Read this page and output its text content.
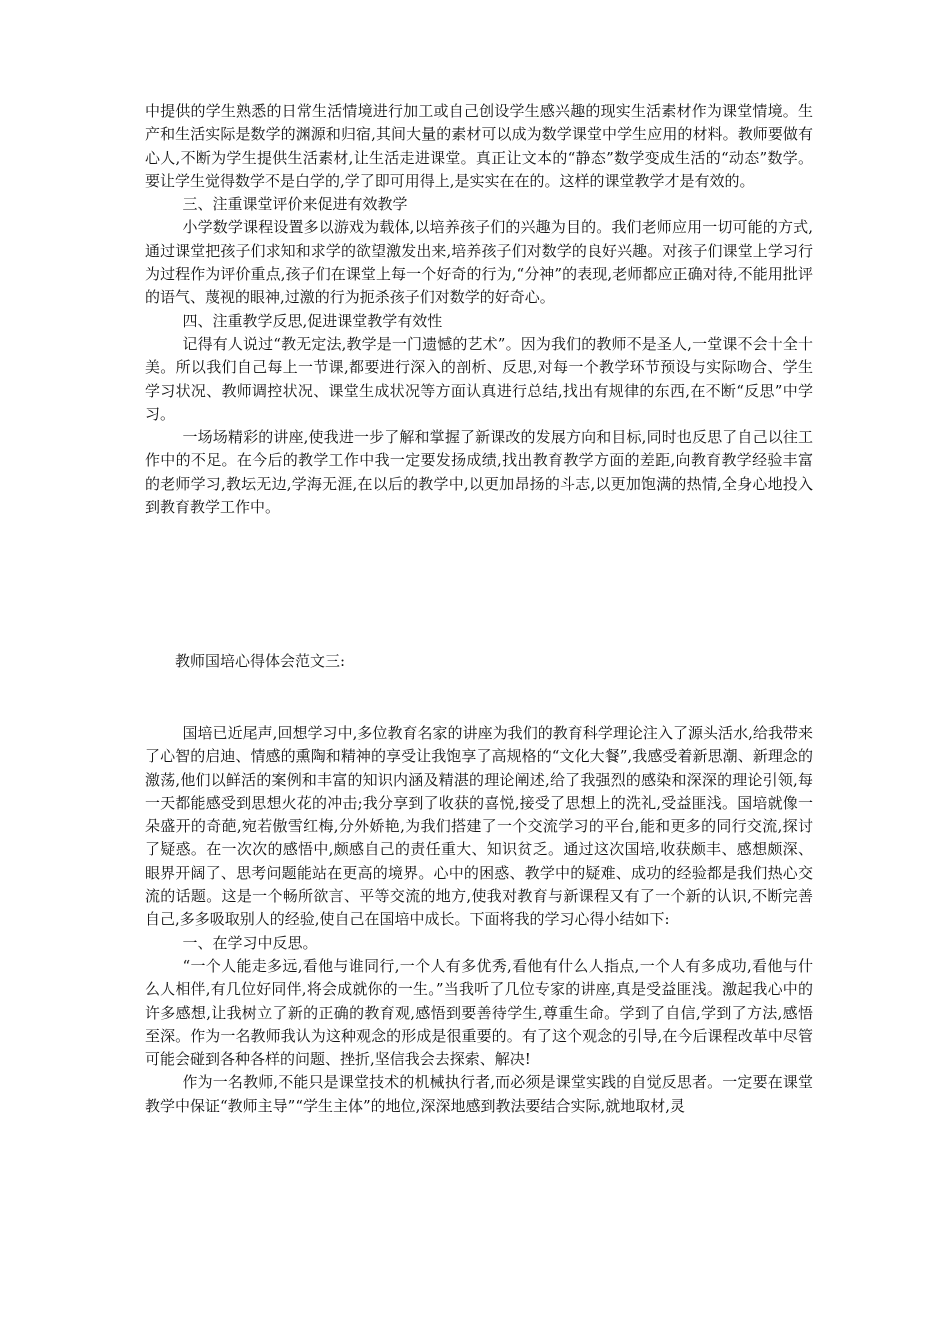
中提供的学生熟悉的日常生活情境进行加工或自己创设学生感兴趣的现实生活素材作为课堂情境。生产和生活实际是数学的渊源和归宿,其间大量的素材可以成为数学课堂中学生应用的材料。教师要做有心人,不断为学生提供生活素材,让生活走进课堂。真正让文本的“静态”数学变成生活的“动态”数学。要让学生觉得数学不是白学的,学了即可用得上,是实实在在的。这样的课堂教学才是有效的。

三、注重课堂评价来促进有效教学

小学数学课程设置多以游戏为载体,以培养孩子们的兴趣为目的。我们老师应用一切可能的方式,通过课堂把孩子们求知和求学的欲望激发出来,培养孩子们对数学的良好兴趣。对孩子们课堂上学习行为过程作为评价重点,孩子们在课堂上每一个好奇的行为,“分神”的表现,老师都应正确对待,不能用批评的语气、蔑视的眼神,过激的行为扼杀孩子们对数学的好奇心。

四、注重教学反思,促进课堂教学有效性

记得有人说过“教无定法,教学是一门遗憾的艺术”。因为我们的教师不是圣人,一堂课不会十全十美。所以我们自己每上一节课,都要进行深入的剖析、反思,对每一个教学环节预设与实际吻合、学生学习状况、教师调控状况、课堂生成状况等方面认真进行总结,找出有规律的东西,在不断“反思”中学习。

一场场精彩的讲座,使我进一步了解和掌握了新课改的发展方向和目标,同时也反思了自己以往工作中的不足。在今后的教学工作中我一定要发扬成绩,找出教育教学方面的差距,向教育教学经验丰富的老师学习,教坛无边,学海无涯,在以后的教学中,以更加昂扬的斗志,以更加饱满的热情,全身心地投入到教育教学工作中。

教师国培心得体会范文三:

国培已近尾声,回想学习中,多位教育名家的讲座为我们的教育科学理论注入了源头活水,给我带来了心智的启迪、情感的熏陶和精神的享受让我饱享了高规格的“文化大餐”,我感受着新思潮、新理念的激荡,他们以鲜活的案例和丰富的知识内涵及精湛的理论阐述,给了我强烈的感染和深深的理论引领,每一天都能感受到思想火花的冲击;我分享到了收获的喜悦,接受了思想上的洗礼,受益匪浅。国培就像一朵盛开的奇葩,宛若傲雪红梅,分外娇艳,为我们搭建了一个交流学习的平台,能和更多的同行交流,探讨了疑惑。在一次次的感悟中,颇感自己的责任重大、知识贫乏。通过这次国培,收获颇丰、感想颇深、眼界开阔了、思考问题能站在更高的境界。心中的困惑、教学中的疑难、成功的经验都是我们热心交流的话题。这是一个畅所欲言、平等交流的地方,使我对教育与新课程又有了一个新的认识,不断完善自己,多多吸取别人的经验,使自己在国培中成长。下面将我的学习心得小结如下:

一、在学习中反思。

“一个人能走多远,看他与谁同行,一个人有多优秀,看他有什么人指点,一个人有多成功,看他与什么人相伴,有几位好同伴,将会成就你的一生。”当我听了几位专家的讲座,真是受益匪浅。激起我心中的许多感想,让我树立了新的正确的教育观,感悟到要善待学生,尊重生命。学到了自信,学到了方法,感悟至深。作为一名教师我认为这种观念的形成是很重要的。有了这个观念的引导,在今后课程改革中尽管可能会碰到各种各样的问题、挫折,坚信我会去探索、解决!

作为一名教师,不能只是课堂技术的机械执行者,而必须是课堂实践的自觉反思者。一定要在课堂教学中保证“教师主导”“学生主体”的地位,深深地感到教法要结合实际,就地取材,灵
